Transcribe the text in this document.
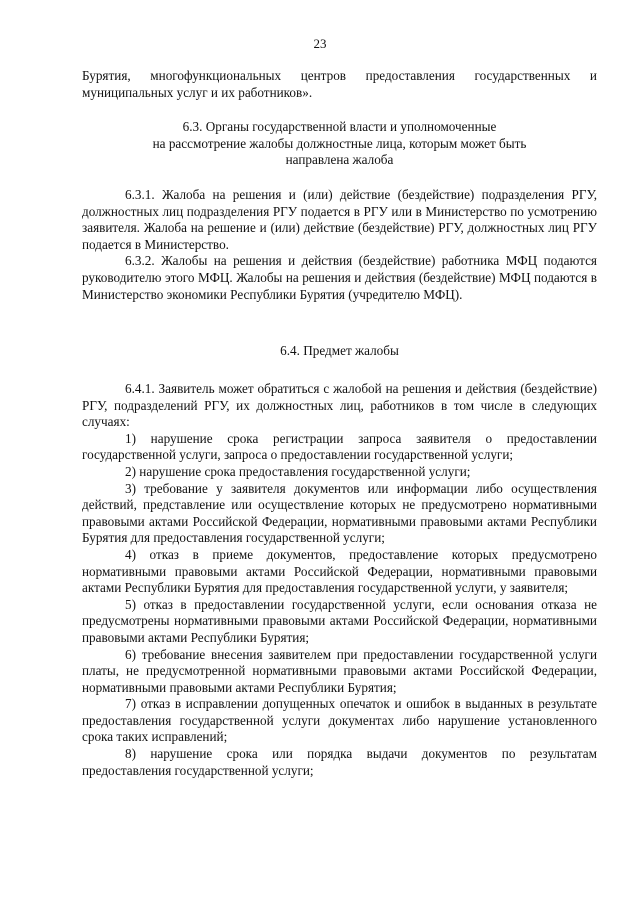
23

Бурятия, многофункциональных центров предоставления государственных и муниципальных услуг и их работников».

6.3. Органы государственной власти и уполномоченные

на рассмотрение жалобы должностные лица, которым может быть

направлена жалоба

6.3.1. Жалоба на решения и (или) действие (бездействие) подразделения РГУ, должностных лиц подразделения РГУ подается в РГУ или в Министерство по усмотрению заявителя. Жалоба на решение и (или) действие (бездействие) РГУ, должностных лиц РГУ подается в Министерство.

6.3.2. Жалобы на решения и действия (бездействие) работника МФЦ подаются руководителю этого МФЦ. Жалобы на решения и действия (бездействие) МФЦ подаются в Министерство экономики Республики Бурятия (учредителю МФЦ).

6.4. Предмет жалобы

6.4.1. Заявитель может обратиться с жалобой на решения и действия (бездействие) РГУ, подразделений РГУ, их должностных лиц, работников в том числе в следующих случаях:

1) нарушение срока регистрации запроса заявителя о предоставлении государственной услуги, запроса о предоставлении государственной услуги;

2) нарушение срока предоставления государственной услуги;

3) требование у заявителя документов или информации либо осуществления действий, представление или осуществление которых не предусмотрено нормативными правовыми актами Российской Федерации, нормативными правовыми актами Республики Бурятия для предоставления государственной услуги;

4) отказ в приеме документов, предоставление которых предусмотрено нормативными правовыми актами Российской Федерации, нормативными правовыми актами Республики Бурятия для предоставления государственной услуги, у заявителя;

5) отказ в предоставлении государственной услуги, если основания отказа не предусмотрены нормативными правовыми актами Российской Федерации, нормативными правовыми актами Республики Бурятия;

6) требование внесения заявителем при предоставлении государственной услуги платы, не предусмотренной нормативными правовыми актами Российской Федерации, нормативными правовыми актами Республики Бурятия;

7) отказ в исправлении допущенных опечаток и ошибок в выданных в результате предоставления государственной услуги документах либо нарушение установленного срока таких исправлений;

8) нарушение срока или порядка выдачи документов по результатам предоставления государственной услуги;
